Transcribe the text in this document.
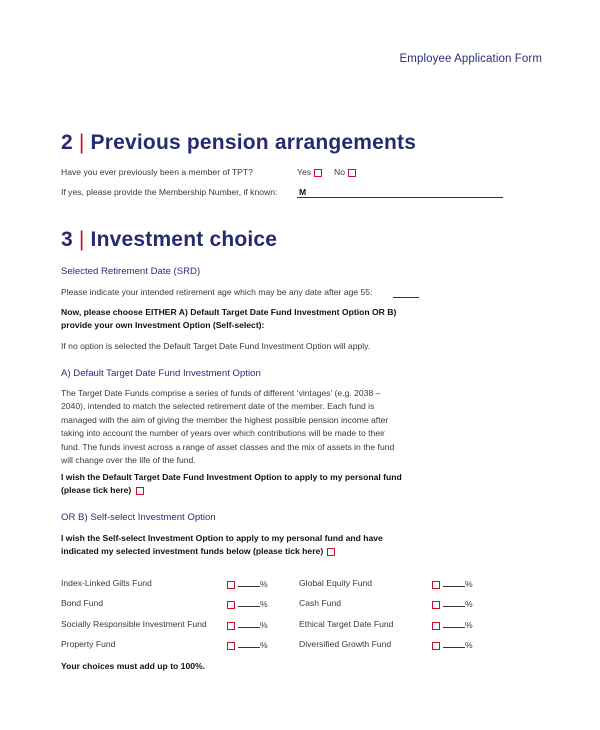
Employee Application Form
2 | Previous pension arrangements
Have you ever previously been a member of TPT?	Yes	No
If yes, please provide the Membership Number, if known:	M
3 | Investment choice
Selected Retirement Date (SRD)
Please indicate your intended retirement age which may be any date after age 55:
Now, please choose EITHER A) Default Target Date Fund Investment Option OR B)
provide your own Investment Option (Self-select):
If no option is selected the Default Target Date Fund Investment Option will apply.
A) Default Target Date Fund Investment Option
The Target Date Funds comprise a series of funds of different ‘vintages’ (e.g. 2038 –
2040), intended to match the selected retirement date of the member. Each fund is
managed with the aim of giving the member the highest possible pension income after
taking into account the number of years over which contributions will be made to their
fund. The funds invest across a range of asset classes and the mix of assets in the fund
will change over the life of the fund.
I wish the Default Target Date Fund Investment Option to apply to my personal fund
(please tick here)
OR B) Self-select Investment Option
I wish the Self-select Investment Option to apply to my personal fund and have
indicated my selected investment funds below (please tick here)
Index-Linked Gilts Fund	%	Global Equity Fund	%
Bond Fund	%	Cash Fund	%
Socially Responsible Investment Fund	%	Ethical Target Date Fund	%
Property Fund	%	Diversified Growth Fund	%
Your choices must add up to 100%.
